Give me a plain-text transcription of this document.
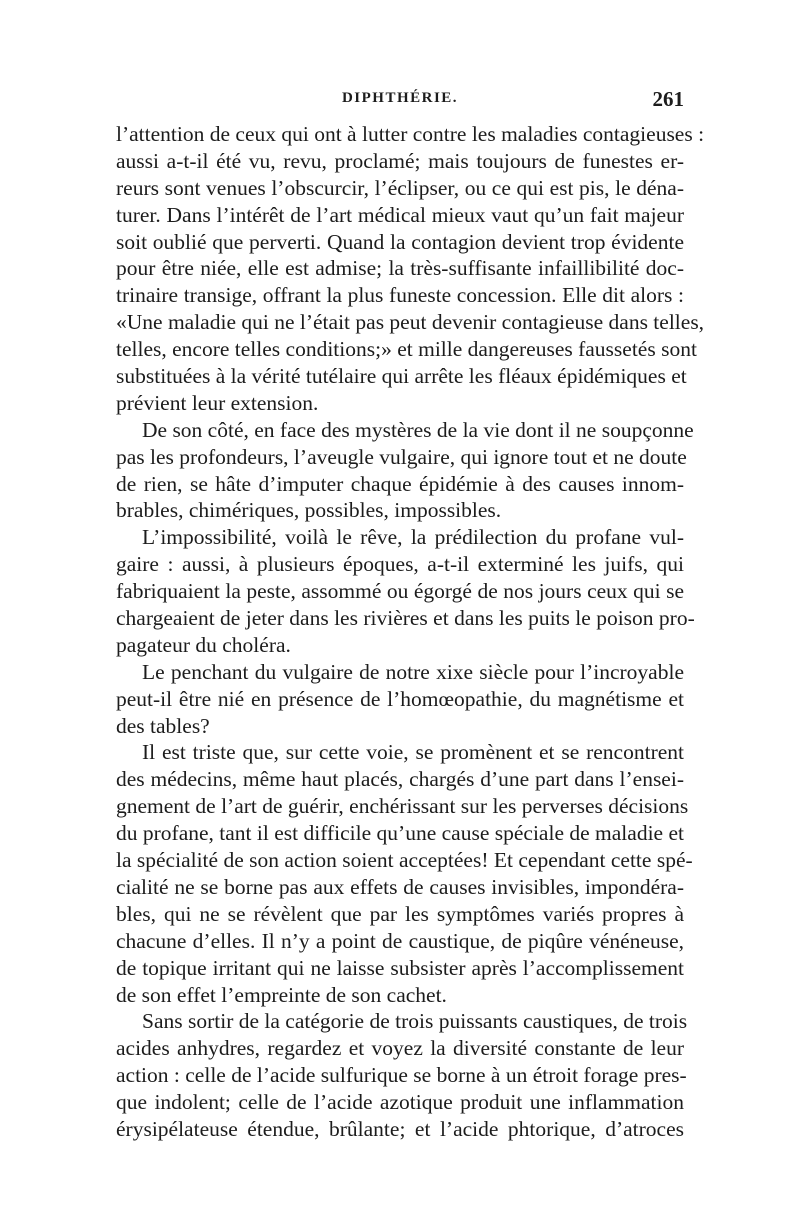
DIPHTHÉRIE.	261
l’attention de ceux qui ont à lutter contre les maladies contagieuses :
aussi a-t-il été vu, revu, proclamé; mais toujours de funestes er-
reurs sont venues l’obscurcir, l’éclipser, ou ce qui est pis, le déna-
turer. Dans l’intérêt de l’art médical mieux vaut qu’un fait majeur
soit oublié que perverti. Quand la contagion devient trop évidente
pour être niée, elle est admise; la très-suffisante infaillibilité doc-
trinaire transige, offrant la plus funeste concession. Elle dit alors :
«Une maladie qui ne l’était pas peut devenir contagieuse dans telles,
telles, encore telles conditions;» et mille dangereuses faussetés sont
substituées à la vérité tutélaire qui arrête les fléaux épidémiques et
prévient leur extension.
De son côté, en face des mystères de la vie dont il ne soupçonne
pas les profondeurs, l’aveugle vulgaire, qui ignore tout et ne doute
de rien, se hâte d’imputer chaque épidémie à des causes innom-
brables, chimériques, possibles, impossibles.
L’impossibilité, voilà le rêve, la prédilection du profane vul-
gaire : aussi, à plusieurs époques, a-t-il exterminé les juifs, qui
fabriquaient la peste, assommé ou égorgé de nos jours ceux qui se
chargeaient de jeter dans les rivières et dans les puits le poison pro-
pagateur du choléra.
Le penchant du vulgaire de notre xixe siècle pour l’incroyable
peut-il être nié en présence de l’homœopathie, du magnétisme et
des tables?
Il est triste que, sur cette voie, se promènent et se rencontrent
des médecins, même haut placés, chargés d’une part dans l’ensei-
gnement de l’art de guérir, enchérissant sur les perverses décisions
du profane, tant il est difficile qu’une cause spéciale de maladie et
la spécialité de son action soient acceptées! Et cependant cette spé-
cialité ne se borne pas aux effets de causes invisibles, impondéra-
bles, qui ne se révèlent que par les symptômes variés propres à
chacune d’elles. Il n’y a point de caustique, de piqûre vénéneuse,
de topique irritant qui ne laisse subsister après l’accomplissement
de son effet l’empreinte de son cachet.
Sans sortir de la catégorie de trois puissants caustiques, de trois
acides anhydres, regardez et voyez la diversité constante de leur
action : celle de l’acide sulfurique se borne à un étroit forage pres-
que indolent; celle de l’acide azotique produit une inflammation
érysipélateuse étendue, brûlante; et l’acide phtorique, d’atroces
